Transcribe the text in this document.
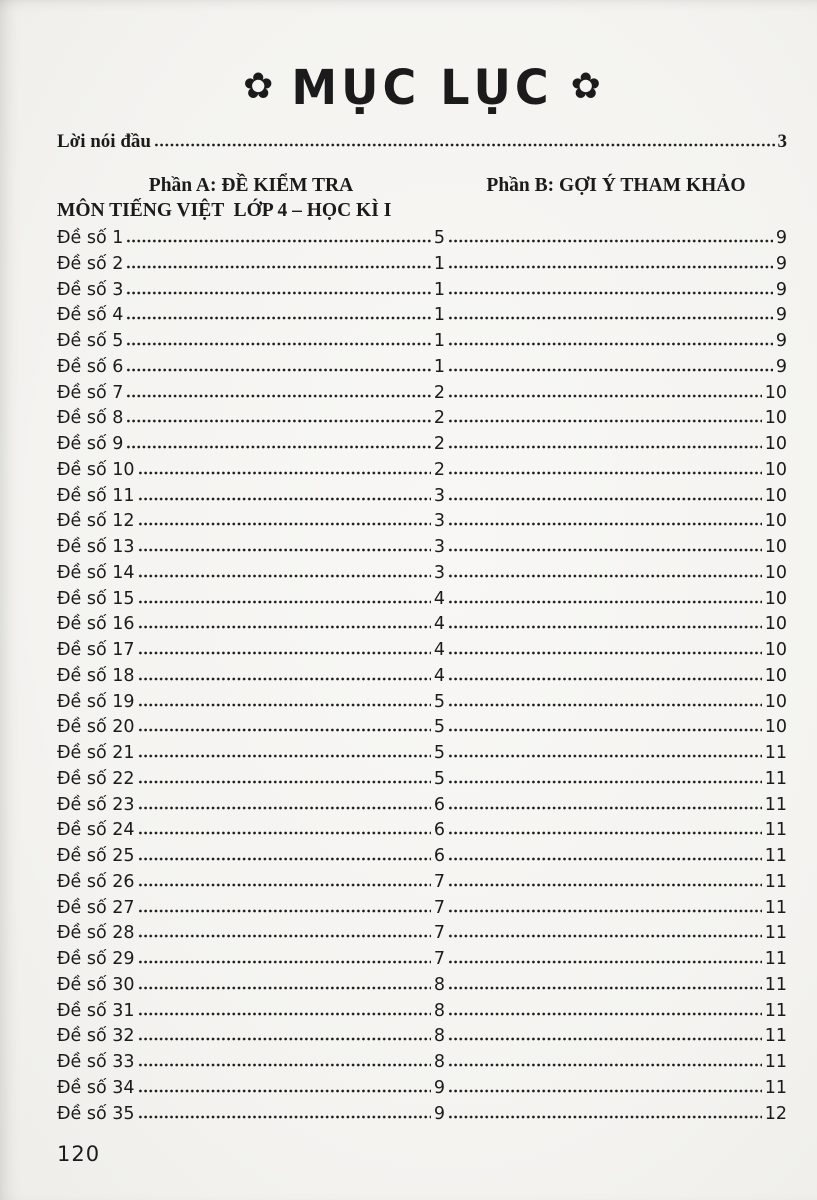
✿ MỤC LỤC ✿
Lời nói đầu	3
Phần A: ĐỀ KIỂM TRA
MÔN TIẾNG VIỆT  LỚP 4 – HỌC KÌ I
Phần B: GỢI Ý THAM KHẢO
Đề số 1	5	9
Đề số 2	1	9
Đề số 3	1	9
Đề số 4	1	9
Đề số 5	1	9
Đề số 6	1	9
Đề số 7	2	10
Đề số 8	2	10
Đề số 9	2	10
Đề số 10	2	10
Đề số 11	3	10
Đề số 12	3	10
Đề số 13	3	10
Đề số 14	3	10
Đề số 15	4	10
Đề số 16	4	10
Đề số 17	4	10
Đề số 18	4	10
Đề số 19	5	10
Đề số 20	5	10
Đề số 21	5	11
Đề số 22	5	11
Đề số 23	6	11
Đề số 24	6	11
Đề số 25	6	11
Đề số 26	7	11
Đề số 27	7	11
Đề số 28	7	11
Đề số 29	7	11
Đề số 30	8	11
Đề số 31	8	11
Đề số 32	8	11
Đề số 33	8	11
Đề số 34	9	11
Đề số 35	9	12
120
